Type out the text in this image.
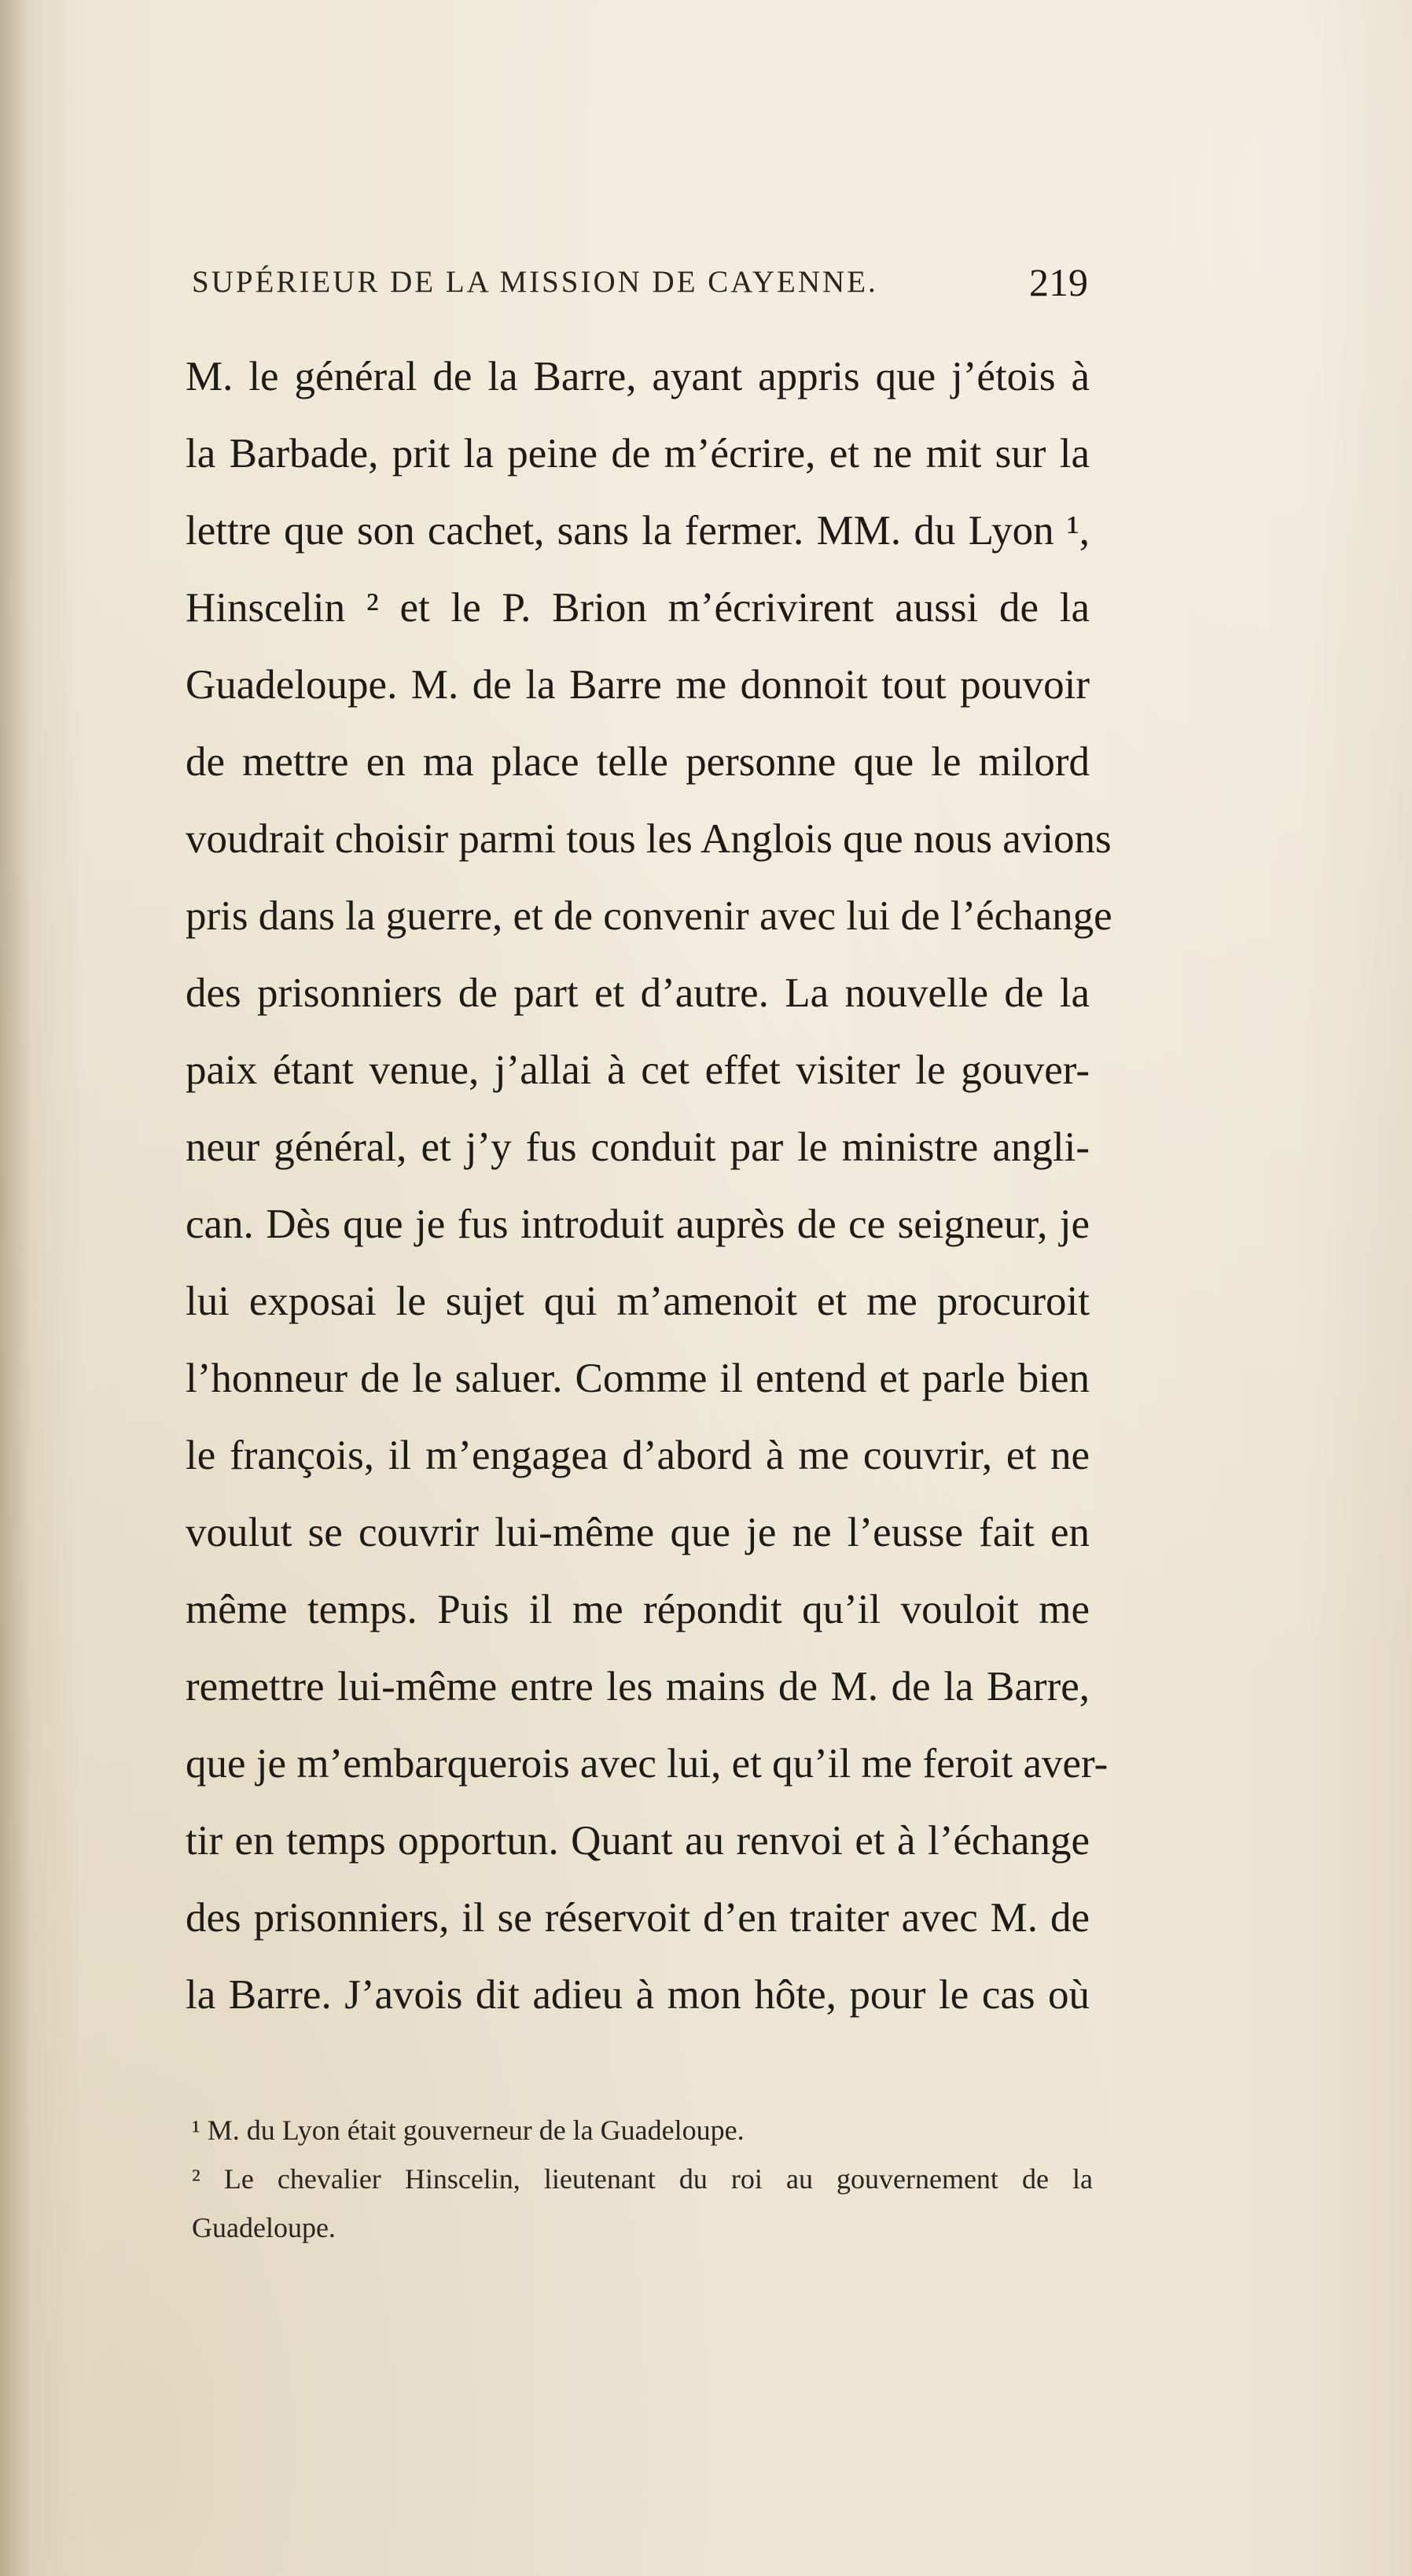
SUPÉRIEUR DE LA MISSION DE CAYENNE.	219
M. le général de la Barre, ayant appris que j’étois à
la Barbade, prit la peine de m’écrire, et ne mit sur la
lettre que son cachet, sans la fermer. MM. du Lyon ¹,
Hinscelin ² et le P. Brion m’écrivirent aussi de la
Guadeloupe. M. de la Barre me donnoit tout pouvoir
de mettre en ma place telle personne que le milord
voudrait choisir parmi tous les Anglois que nous avions
pris dans la guerre, et de convenir avec lui de l’échange
des prisonniers de part et d’autre. La nouvelle de la
paix étant venue, j’allai à cet effet visiter le gouver-
neur général, et j’y fus conduit par le ministre angli-
can. Dès que je fus introduit auprès de ce seigneur, je
lui exposai le sujet qui m’amenoit et me procuroit
l’honneur de le saluer. Comme il entend et parle bien
le françois, il m’engagea d’abord à me couvrir, et ne
voulut se couvrir lui-même que je ne l’eusse fait en
même temps. Puis il me répondit qu’il vouloit me
remettre lui-même entre les mains de M. de la Barre,
que je m’embarquerois avec lui, et qu’il me feroit aver-
tir en temps opportun. Quant au renvoi et à l’échange
des prisonniers, il se réservoit d’en traiter avec M. de
la Barre. J’avois dit adieu à mon hôte, pour le cas où
¹ M. du Lyon était gouverneur de la Guadeloupe.
² Le chevalier Hinscelin, lieutenant du roi au gouvernement de la
Guadeloupe.
